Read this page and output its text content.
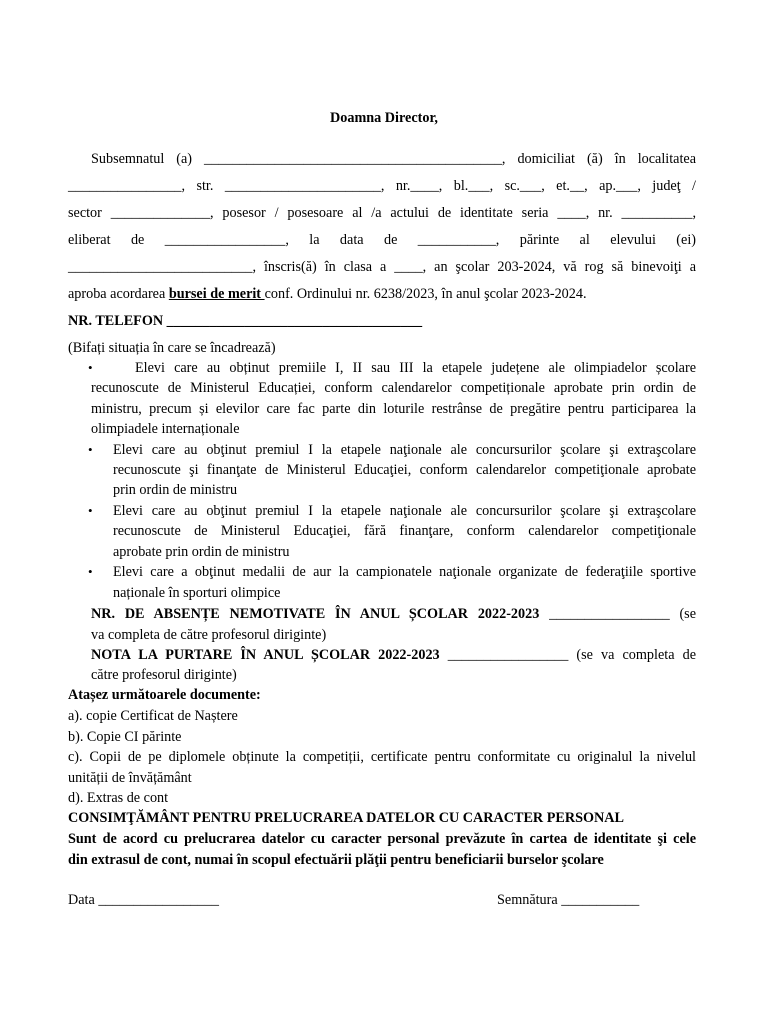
Doamna Director,
Subsemnatul (a) __________________________________________, domiciliat (ă) în localitatea
________________, str. ______________________, nr.____, bl.___, sc.___, et.__, ap.___, judeţ /
sector ______________, posesor / posesoare al /a actului de identitate seria ____, nr. __________,
eliberat de _________________, la data de ___________, părinte al elevului (ei)
__________________________, înscris(ă) în clasa a ____, an şcolar 203-2024, vă rog să binevoiţi a
aproba acordarea bursei de merit conf. Ordinului nr. 6238/2023, în anul şcolar 2023-2024.
NR. TELEFON ____________________________________
(Bifați situația în care se încadrează)
•	Elevi care au obținut premiile I, II sau III la etapele județene ale olimpiadelor școlare
recunoscute de Ministerul Educației, conform calendarelor competiționale aprobate prin ordin de
ministru, precum și elevilor care fac parte din loturile restrânse de pregătire pentru participarea la
olimpiadele internaționale
• Elevi care au obţinut premiul I la etapele naţionale ale concursurilor şcolare şi extraşcolare
recunoscute şi finanţate de Ministerul Educaţiei, conform calendarelor competiţionale aprobate
prin ordin de ministru
• Elevi care au obţinut premiul I la etapele naţionale ale concursurilor şcolare şi extraşcolare
recunoscute de Ministerul Educaţiei, fără finanţare, conform calendarelor competiţionale
aprobate prin ordin de ministru
• Elevi care a obţinut medalii de aur la campionatele naţionale organizate de federaţiile sportive
naționale în sporturi olimpice
NR. DE ABSENȚE NEMOTIVATE ÎN ANUL ȘCOLAR 2022-2023 _________________ (se
va completa de către profesorul diriginte)
NOTA LA PURTARE ÎN ANUL ȘCOLAR 2022-2023 _________________ (se va completa de
către profesorul diriginte)
Atașez următoarele documente:
a). copie Certificat de Naștere
b). Copie CI părinte
c). Copii de pe diplomele obținute la competiții, certificate pentru conformitate cu originalul la nivelul
unității de învățământ
d). Extras de cont
CONSIMŢĂMÂNT PENTRU PRELUCRAREA DATELOR CU CARACTER PERSONAL
Sunt de acord cu prelucrarea datelor cu caracter personal prevăzute în cartea de identitate şi cele
din extrasul de cont, numai în scopul efectuării plăţii pentru beneficiarii burselor şcolare
Data _________________	Semnătura ___________
